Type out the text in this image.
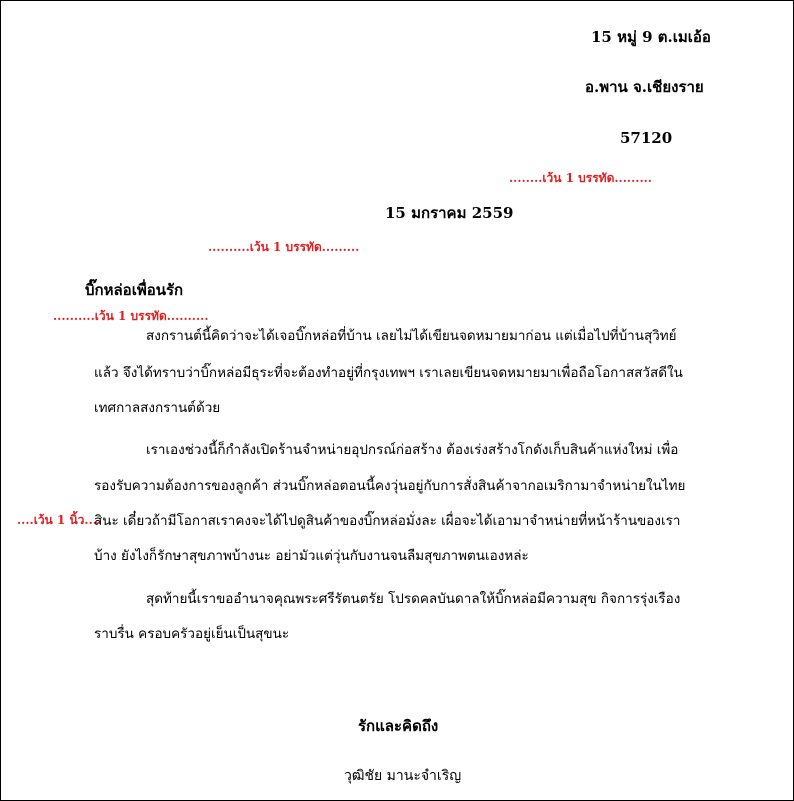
15 หมู่ 9 ต.เมเอ้อ
อ.พาน จ.เชียงราย
57120
........เว้น 1 บรรทัด.........
15 มกราคม 2559
..........เว้น 1 บรรทัด.........
บิ๊กหล่อเพื่อนรัก
..........เว้น 1 บรรทัด..........
สงกรานต์นี้คิดว่าจะได้เจอบิ๊กหล่อที่บ้าน เลยไม่ได้เขียนจดหมายมาก่อน แต่เมื่อไปที่บ้านสุวิทย์
แล้ว จึงได้ทราบว่าบิ๊กหล่อมีธุระที่จะต้องทำอยู่ที่กรุงเทพฯ เราเลยเขียนจดหมายมาเพื่อถือโอกาสสวัสดีใน
เทศกาลสงกรานต์ด้วย
เราเองช่วงนี้ก็กำลังเปิดร้านจำหน่ายอุปกรณ์ก่อสร้าง ต้องเร่งสร้างโกดังเก็บสินค้าแห่งใหม่ เพื่อ
รองรับความต้องการของลูกค้า ส่วนบิ๊กหล่อตอนนี้คงวุ่นอยู่กับการสั่งสินค้าจากอเมริกามาจำหน่ายในไทย
....เว้น 1 นิ้ว....
สินะ เดี๋ยวถ้ามีโอกาสเราคงจะได้ไปดูสินค้าของบิ๊กหล่อมั่งละ เผื่อจะได้เอามาจำหน่ายที่หน้าร้านของเรา
บ้าง ยังไงก็รักษาสุขภาพบ้างนะ อย่ามัวแต่วุ่นกับงานจนลืมสุขภาพตนเองหล่ะ
สุดท้ายนี้เราขออำนาจคุณพระศรีรัตนตรัย โปรดคลบันดาลให้บิ๊กหล่อมีความสุข กิจการรุ่งเรือง
ราบรื่น ครอบครัวอยู่เย็นเป็นสุขนะ
รักและคิดถึง
วุฒิชัย มานะจำเริญ
